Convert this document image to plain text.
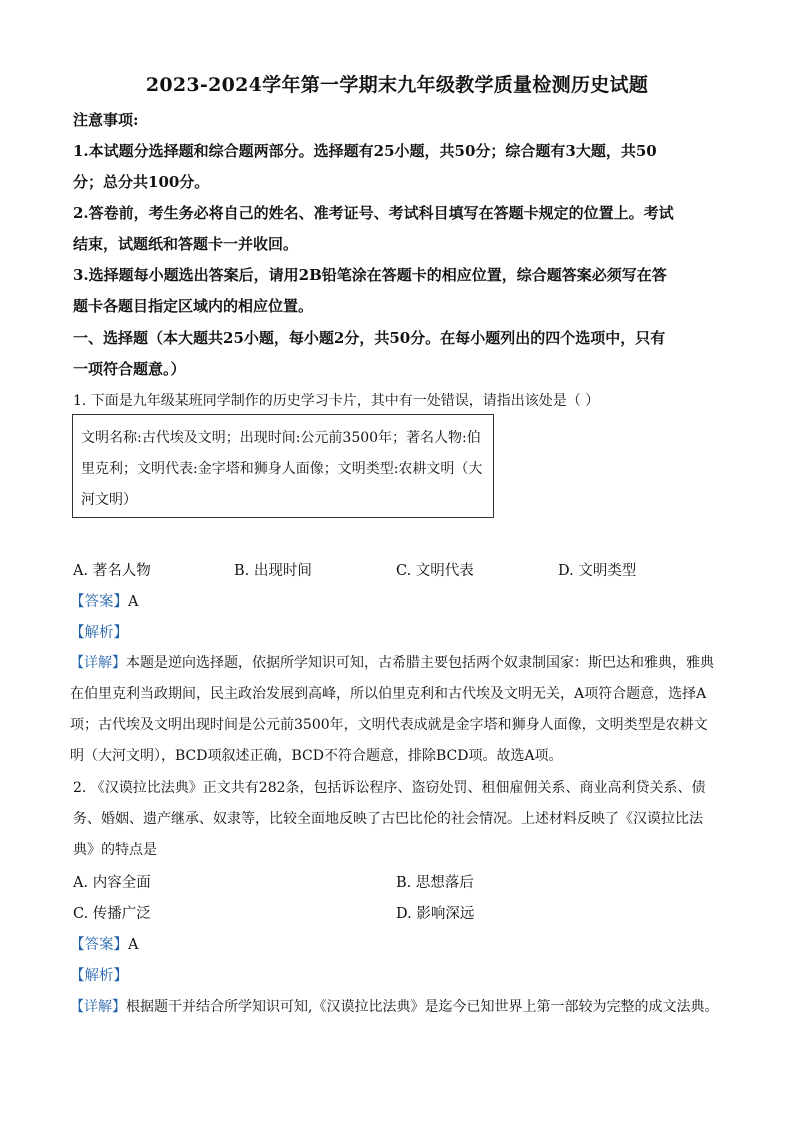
2023-2024学年第一学期末九年级教学质量检测历史试题
注意事项:
1.本试题分选择题和综合题两部分。选择题有25小题，共50分；综合题有3大题，共50
分；总分共100分。
2.答卷前，考生务必将自己的姓名、准考证号、考试科目填写在答题卡规定的位置上。考试
结束，试题纸和答题卡一并收回。
3.选择题每小题选出答案后，请用2B铅笔涂在答题卡的相应位置，综合题答案必须写在答
题卡各题目指定区域内的相应位置。
一、选择题（本大题共25小题，每小题2分，共50分。在每小题列出的四个选项中，只有
一项符合题意。）
1. 下面是九年级某班同学制作的历史学习卡片，其中有一处错误，请指出该处是（ ）
文明名称:古代埃及文明；出现时间:公元前3500年；著名人物:伯
里克利；文明代表:金字塔和狮身人面像；文明类型:农耕文明（大
河文明）
A. 著名人物	B. 出现时间	C. 文明代表	D. 文明类型
【答案】A
【解析】
【详解】本题是逆向选择题，依据所学知识可知，古希腊主要包括两个奴隶制国家：斯巴达和雅典，雅典
在伯里克利当政期间，民主政治发展到高峰，所以伯里克利和古代埃及文明无关，A项符合题意，选择A
项；古代埃及文明出现时间是公元前3500年，文明代表成就是金字塔和狮身人面像，文明类型是农耕文
明（大河文明），BCD项叙述正确，BCD不符合题意，排除BCD项。故选A项。
2. 《汉谟拉比法典》正文共有282条，包括诉讼程序、盗窃处罚、租佃雇佣关系、商业高利贷关系、债
务、婚姻、遗产继承、奴隶等，比较全面地反映了古巴比伦的社会情况。上述材料反映了《汉谟拉比法
典》的特点是
A. 内容全面	B. 思想落后
C. 传播广泛	D. 影响深远
【答案】A
【解析】
【详解】根据题干并结合所学知识可知,《汉谟拉比法典》是迄今已知世界上第一部较为完整的成文法典。
